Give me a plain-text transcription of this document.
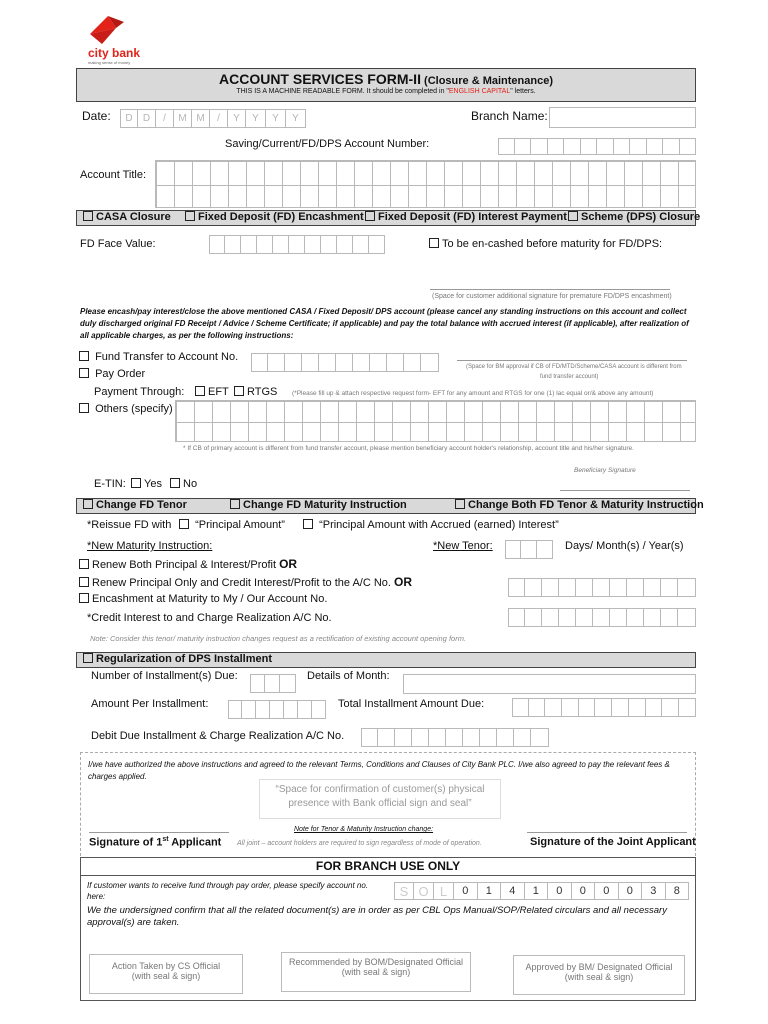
city bank
making sense of money
ACCOUNT SERVICES FORM-II (Closure & Maintenance)
THIS IS A MACHINE READABLE FORM. It should be completed in "ENGLISH CAPITAL" letters.
Date:	D	D	/	M M	/	Y	Y	Y	Y	Branch Name:
Saving/Current/FD/DPS Account Number:
Account Title:
CASA Closure	Fixed Deposit (FD) Encashment	Fixed Deposit (FD) Interest Payment	Scheme (DPS) Closure
FD Face Value:	To be en-cashed before maturity for FD/DPS:
(Space for customer additional signature for premature FD/DPS encashment)
Please encash/pay interest/close the above mentioned CASA / Fixed Deposit/ DPS account (please cancel any standing instructions on this account and collect duly discharged original FD Receipt / Advice / Scheme Certificate; if applicable) and pay the total balance with accrued interest (if applicable), after realization of all applicable charges, as per the following instructions:
Fund Transfer to Account No.
(Space for BM approval if CB of FD/MTD/Scheme/CASA account is different from
fund transfer account)
Pay Order
Payment Through:	EFT	RTGS (*Please fill up & attach respective request form- EFT for any amount and RTGS for one (1) lac equal or/& above any amount)
Others (specify)
* If CB of primary account is different from fund transfer account, please mention beneficiary account holder's relationship, account title and his/her signature.
Beneficiary Signature
E-TIN:	Yes	No
Change FD Tenor	Change FD Maturity Instruction	Change Both FD Tenor & Maturity Instruction
*Reissue FD with	“Principal Amount”	“Principal Amount with Accrued (earned) Interest”
*New Maturity Instruction:	*New Tenor:	Days/ Month(s) / Year(s)
Renew Both Principal & Interest/Profit OR
Renew Principal Only and Credit Interest/Profit to the A/C No. OR
Encashment at Maturity to My / Our Account No.
*Credit Interest to and Charge Realization A/C No.
Note: Consider this tenor/ maturity instruction changes request as a rectification of existing account opening form.
Regularization of DPS Installment
Number of Installment(s) Due:	Details of Month:
Amount Per Installment:	Total Installment Amount Due:
Debit Due Installment & Charge Realization A/C No.
I/we have authorized the above instructions and agreed to the relevant Terms, Conditions and Clauses of City Bank PLC. I/we also agreed to pay the relevant fees & charges applied.
“Space for confirmation of customer(s) physical presence with Bank official sign and seal”
Signature of 1st Applicant
Note for Tenor & Maturity Instruction change:
All joint – account holders are required to sign regardless of mode of operation.	Signature of the Joint Applicant
FOR BRANCH USE ONLY
If customer wants to receive fund through pay order, please specify account no. here:	S O L	0	1	4	1	0	0	0	0	3	8
We the undersigned confirm that all the related document(s) are in order as per CBL Ops Manual/SOP/Related circulars and all necessary approval(s) are taken.
Action Taken by CS Official
(with seal & sign)
Recommended by BOM/Designated Official
(with seal & sign)	Approved by BM/ Designated Official
(with seal & sign)
